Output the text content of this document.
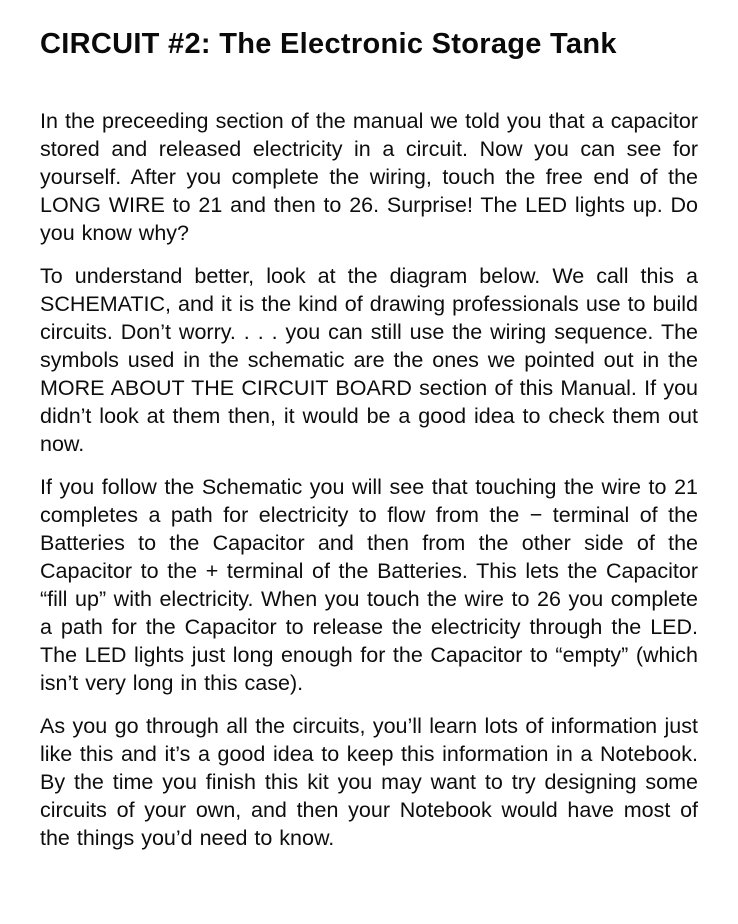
CIRCUIT #2: The Electronic Storage Tank

In the preceeding section of the manual we told you that a capacitor stored and released electricity in a circuit. Now you can see for yourself. After you complete the wiring, touch the free end of the LONG WIRE to 21 and then to 26. Surprise! The LED lights up. Do you know why?

To understand better, look at the diagram below. We call this a SCHEMATIC, and it is the kind of drawing professionals use to build circuits. Don’t worry. . . . you can still use the wiring sequence. The symbols used in the schematic are the ones we pointed out in the MORE ABOUT THE CIRCUIT BOARD section of this Manual. If you didn’t look at them then, it would be a good idea to check them out now.

If you follow the Schematic you will see that touching the wire to 21 completes a path for electricity to flow from the − terminal of the Batteries to the Capacitor and then from the other side of the Capacitor to the + terminal of the Batteries. This lets the Capacitor “fill up” with electricity. When you touch the wire to 26 you complete a path for the Capacitor to release the electricity through the LED. The LED lights just long enough for the Capacitor to “empty” (which isn’t very long in this case).

As you go through all the circuits, you’ll learn lots of information just like this and it’s a good idea to keep this information in a Notebook. By the time you finish this kit you may want to try designing some circuits of your own, and then your Notebook would have most of the things you’d need to know.
